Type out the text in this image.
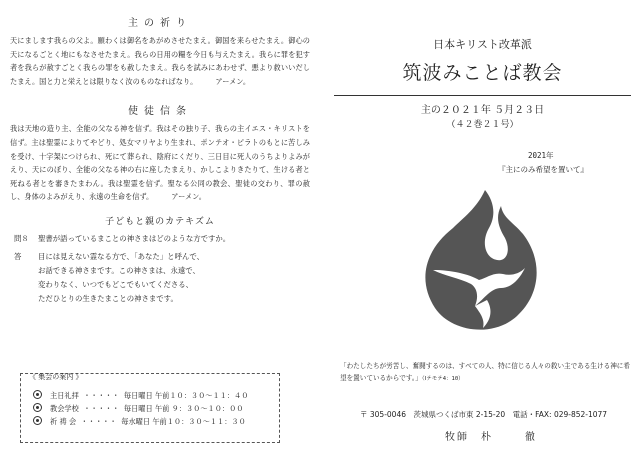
主の祈り

天にまします我らの父よ。願わくは御名をあがめさせたまえ。御国を来らせたまえ。御心の天になるごとく地にもなさせたまえ。我らの日用の糧を今日も与えたまえ。我らに罪を犯す者を我らが赦すごとく我らの罪をも赦したまえ。我らを試みにあわせず、悪より救いいだしたまえ。国と力と栄えとは限りなく汝のものなればなり。	アーメン。

使徒信条

我は天地の造り主、全能の父なる神を信ず。我はその独り子、我らの主イエス・キリストを信ず。主は聖霊によりてやどり、処女マリヤより生まれ、ポンテオ・ピラトのもとに苦しみを受け、十字架につけられ、死にて葬られ、陰府にくだり、三日目に死人のうちよりよみがえり、天にのぼり、全能の父なる神の右に座したまえり、かしこよりきたりて、生ける者と死ねる者とを審きたまわん。我は聖霊を信ず。聖なる公同の教会、聖徒の交わり、罪の赦し、身体のよみがえり、永遠の生命を信ず。	アーメン。

子どもと親のカテキズム
問８	聖書が語っているまことの神さまはどのような方ですか。
答	目には見えない霊なる方で、「あなた」と呼んで、
お話できる神さまです。この神さまは、永遠で、
変わりなく、いつでもどこでもいてくださる、
ただひとりの生きたまことの神さまです。
《 集会の案内 》
主日礼拝 ・・・・・ 毎日曜日 午前１０：３０～１１：４０
教会学校 ・・・・・ 毎日曜日 午前 ９：３０～１０：００
祈 祷 会 ・・・・・ 毎水曜日 午前１０：３０～１１：３０
日本キリスト改革派
筑波みことば教会
主の２０２１年 ５月２３日
（４２巻２１号）
2021年
『主にのみ希望を置いて』
「わたしたちが労苦し、奮闘するのは、すべての人、特に信じる人々の救い主である生ける神に希望を置いているからです。」（Ⅰテモテ4：10）
〒 305-0046　茨城県つくば市東 2-15-20　電話・FAX: 029-852-1077
牧師 朴　徹
